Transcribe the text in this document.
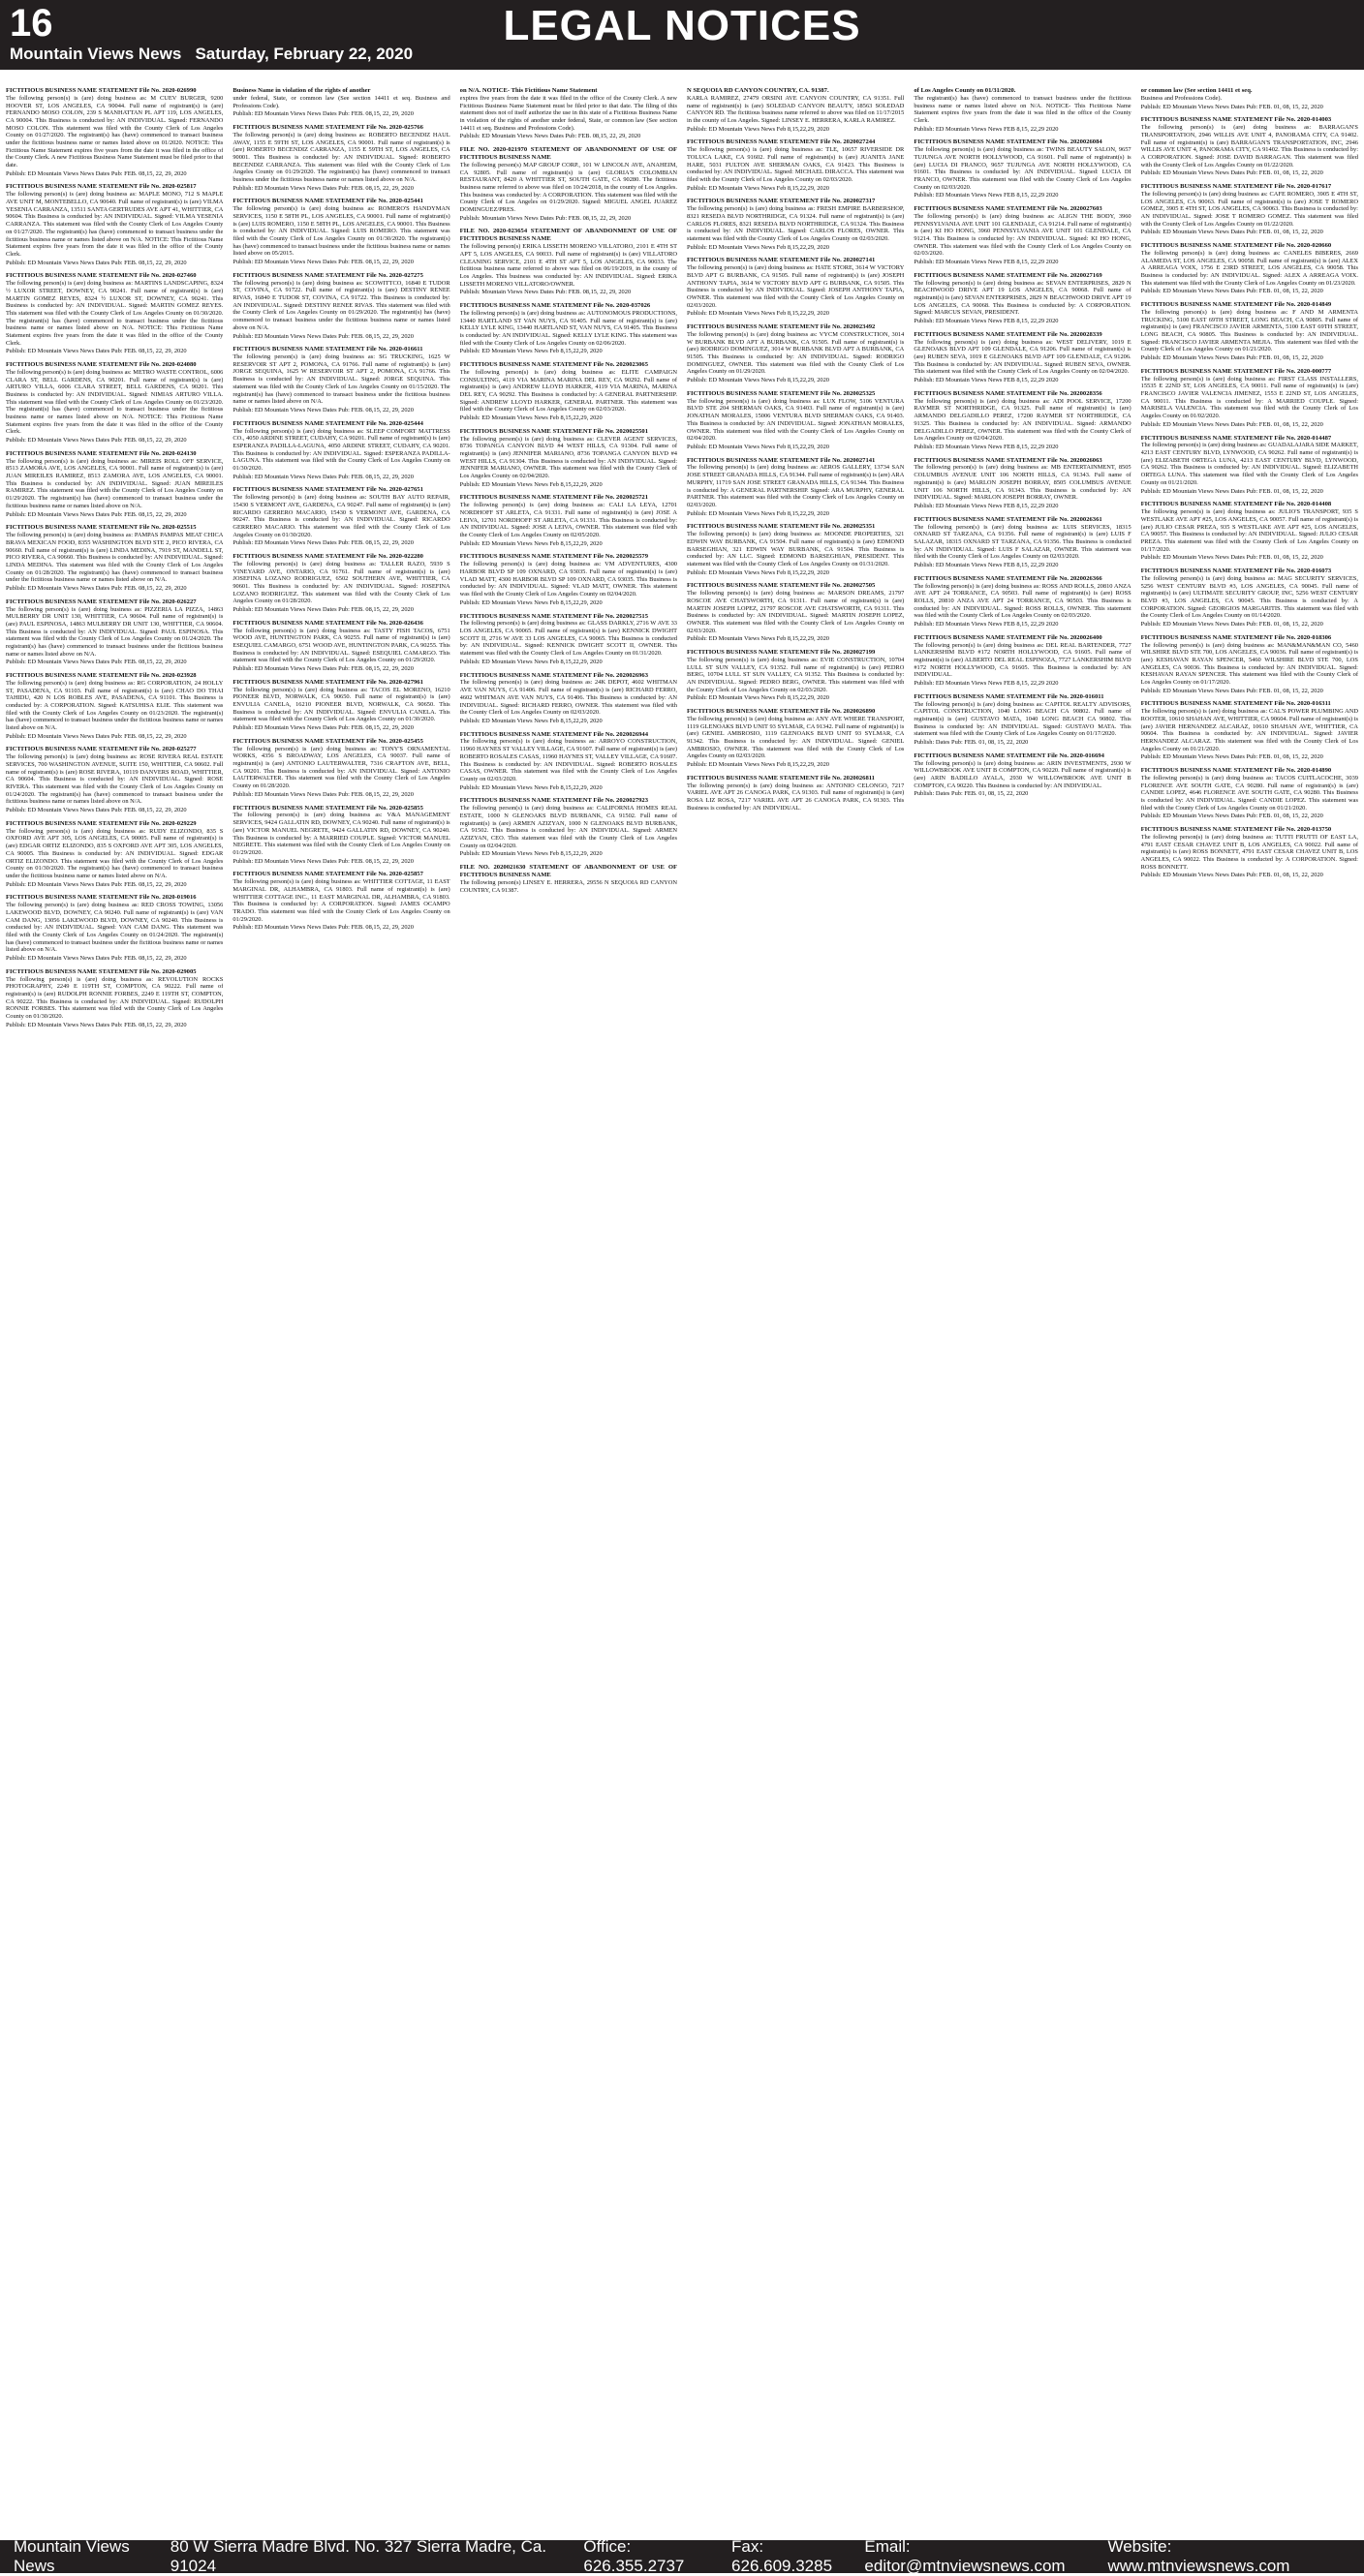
16	LEGAL NOTICES
Mountain Views News Saturday, February 22, 2020
FICTITIOUS BUSINESS NAME STATEMENT File No. 2020-026990
The following person(s) is (are) doing business as: M CUEV BURGER, 9200 HOOVER ST, LOS ANGELES, CA 90044. Full name of registrant(s) is (are) FERNANDO MOSO COLON, 239 S MANHATTAN PL APT 119, LOS ANGELES, CA 90004. This Business is conducted by: AN INDIVIDUAL. Signed: FERNANDO MOSO COLON. This statement was filed with the County Clerk of Los Angeles County on 01/27/2020. The registrant(s) has (have) commenced to transact business under the fictitious business name or names listed above on 01/2020. NOTICE: This Fictitious Name Statement expires five years from the date it was filed in the office of the County Clerk. A new Fictitious Business Name Statement must be filed prior to that date.
Publish: ED Mountain Views News Dates Pub: FEB. 08,15, 22, 29, 2020
FICTITIOUS BUSINESS NAME STATEMENT File No. 2020-025817
The following person(s) is (are) doing business as: MAPLE MONO, 712 S MAPLE AVE UNIT M, MONTEBELLO, CA 90640. Full name of registrant(s) is (are) VILMA YESENIA CARRANZA, 13511 SANTA GERTRUDES AVE APT 41, WHITTIER, CA 90604. This Business is conducted by: AN INDIVIDUAL. Signed: VILMA YESENIA CARRANZA. This statement was filed with the County Clerk of Los Angeles County on 01/27/2020. The registrant(s) has (have) commenced to transact business under the fictitious business name or names listed above on N/A. NOTICE: This Fictitious Name Statement expires five years from the date it was filed in the office of the County Clerk.
Publish: ED Mountain Views News Dates Pub: FEB. 08,15, 22, 29, 2020
FICTITIOUS BUSINESS NAME STATEMENT File No. 2020-027460
The following person(s) is (are) doing business as: MARTINS LANDSCAPING, 8324 ½ LUXOR STREET, DOWNEY, CA 90241. Full name of registrant(s) is (are) MARTIN GOMEZ REYES, 8324 ½ LUXOR ST, DOWNEY, CA 90241. This Business is conducted by: AN INDIVIDUAL. Signed: MARTIN GOMEZ REYES. This statement was filed with the County Clerk of Los Angeles County on 01/30/2020. The registrant(s) has (have) commenced to transact business under the fictitious business name or names listed above on N/A. NOTICE: This Fictitious Name Statement expires five years from the date it was filed in the office of the County Clerk.
Publish: ED Mountain Views News Dates Pub: FEB. 08,15, 22, 29, 2020
FICTITIOUS BUSINESS NAME STATEMENT File No. 2020-024080
The following person(s) is (are) doing business as: METRO WASTE CONTROL, 6006 CLARA ST, BELL GARDENS, CA 90201. Full name of registrant(s) is (are) ARTURO VILLA, 6006 CLARA STREET, BELL GARDENS, CA 90201. This Business is conducted by: AN INDIVIDUAL. Signed: NIMIAS ARTURO VILLA. This statement was filed with the County Clerk of Los Angeles County on 01/23/2020. The registrant(s) has (have) commenced to transact business under the fictitious business name or names listed above on N/A. NOTICE: This Fictitious Name Statement expires five years from the date it was filed in the office of the County Clerk.
Publish: ED Mountain Views News Dates Pub: FEB. 08,15, 22, 29, 2020
FICTITIOUS BUSINESS NAME STATEMENT File No. 2020-024130
The following person(s) is (are) doing business as: MIREIS ROLL OFF SERVICE, 8513 ZAMORA AVE, LOS ANGELES, CA 90001. Full name of registrant(s) is (are) JUAN MIREILES RAMIREZ, 8513 ZAMORA AVE, LOS ANGELES, CA 90001. This Business is conducted by: AN INDIVIDUAL. Signed: JUAN MIREILES RAMIREZ. This statement was filed with the County Clerk of Los Angeles County on 01/29/2020. The registrant(s) has (have) commenced to transact business under the fictitious business name or names listed above on N/A.
Publish: ED Mountain Views News Dates Pub: FEB. 08,15, 22, 29, 2020
FICTITIOUS BUSINESS NAME STATEMENT File No. 2020-025515
The following person(s) is (are) doing business as: PAMPAS PAMPAS MEAT CHICA BRAVA MEXICAN FOOD, 8355 WASHINGTON BLVD STE 2, PICO RIVERA, CA 90660. Full name of registrant(s) is (are) LINDA MEDINA, 7919 ST, MANDELL ST, PICO RIVERA, CA 90660. This Business is conducted by: AN INDIVIDUAL. Signed: LINDA MEDINA. This statement was filed with the County Clerk of Los Angeles County on 01/28/2020. The registrant(s) has (have) commenced to transact business under the fictitious business name or names listed above on N/A.
Publish: ED Mountain Views News Dates Pub: FEB. 08,15, 22, 29, 2020
FICTITIOUS BUSINESS NAME STATEMENT File No. 2020-026227
The following person(s) is (are) doing business as: PIZZERIA LA PIZZA, 14863 MULBERRY DR UNIT 130, WHITTIER, CA 90604. Full name of registrant(s) is (are) PAUL ESPINOSA, 14863 MULBERRY DR UNIT 130, WHITTIER, CA 90604. This Business is conducted by: AN INDIVIDUAL. Signed: PAUL ESPINOSA. This statement was filed with the County Clerk of Los Angeles County on 01/24/2020. The registrant(s) has (have) commenced to transact business under the fictitious business name or names listed above on N/A.
Publish: ED Mountain Views News Dates Pub: FEB. 08,15, 22, 29, 2020
FICTITIOUS BUSINESS NAME STATEMENT File No. 2020-023928
The following person(s) is (are) doing business as: RG CORPORATION, 24 HOLLY ST, PASADENA, CA 91103. Full name of registrant(s) is (are) CHAO DO THAI TAHIDU, 420 N LOS ROBLES AVE, PASADENA, CA 91101. This Business is conducted by: A CORPORATION. Signed: KATSUHISA ELIE. This statement was filed with the County Clerk of Los Angeles County on 01/23/2020. The registrant(s) has (have) commenced to transact business under the fictitious business name or names listed above on N/A.
Publish: ED Mountain Views News Dates Pub: FEB. 08,15, 22, 29, 2020
FICTITIOUS BUSINESS NAME STATEMENT File No. 2020-025277
The following person(s) is (are) doing business as: ROSE RIVERA REAL ESTATE SERVICES, 700 WASHINGTON AVENUE, SUITE 150, WHITTIER, CA 90602. Full name of registrant(s) is (are) ROSE RIVERA, 10119 DANVERS ROAD, WHITTIER, CA 90604. This Business is conducted by: AN INDIVIDUAL. Signed: ROSE RIVERA. This statement was filed with the County Clerk of Los Angeles County on 01/24/2020. The registrant(s) has (have) commenced to transact business under the fictitious business name or names listed above on N/A.
Publish: ED Mountain Views News Dates Pub: FEB. 08,15, 22, 29, 2020
FICTITIOUS BUSINESS NAME STATEMENT File No. 2020-029229
The following person(s) is (are) doing business as: RUDY ELIZONDO, 835 S OXFORD AVE APT 305, LOS ANGELES, CA 90005. Full name of registrant(s) is (are) EDGAR ORTIZ ELIZONDO, 835 S OXFORD AVE APT 305, LOS ANGELES, CA 90005. This Business is conducted by: AN INDIVIDUAL. Signed: EDGAR ORTIZ ELIZONDO. This statement was filed with the County Clerk of Los Angeles County on 01/30/2020. The registrant(s) has (have) commenced to transact business under the fictitious business name or names listed above on N/A.
Publish: ED Mountain Views News Dates Pub: FEB. 08,15, 22, 29, 2020
FICTITIOUS BUSINESS NAME STATEMENT File No. 2020-019016
The following person(s) is (are) doing business as: RED CROSS TOWING, 13056 LAKEWOOD BLVD, DOWNEY, CA 90240. Full name of registrant(s) is (are) VAN CAM DANG, 13056 LAKEWOOD BLVD, DOWNEY, CA 90240. This Business is conducted by: AN INDIVIDUAL. Signed: VAN CAM DANG. This statement was filed with the County Clerk of Los Angeles County on 01/24/2020. The registrant(s) has (have) commenced to transact business under the fictitious business name or names listed above on N/A.
Publish: ED Mountain Views News Dates Pub: FEB. 08,15, 22, 29, 2020
FICTITIOUS BUSINESS NAME STATEMENT File No. 2020-029005
The following person(s) is (are) doing business as: REVOLUTION ROCKS PHOTOGRAPHY, 2249 E 119TH ST, COMPTON, CA 90222. Full name of registrant(s) is (are) RUDOLPH RONNIE FORBES, 2249 E 119TH ST, COMPTON, CA 90222. This Business is conducted by: AN INDIVIDUAL. Signed: RUDOLPH RONNIE FORBES. This statement was filed with the County Clerk of Los Angeles County on 01/30/2020.
Publish: ED Mountain Views News Dates Pub: FEB. 08,15, 22, 29, 2020
Business Name in violation of the rights of another
under federal, State, or common law (See section 14411 et seq. Business and Professions Code).
Publish: ED Mountain Views News Dates Pub: FEB. 08,15, 22, 29, 2020
FICTITIOUS BUSINESS NAME STATEMENT File No. 2020-025766
The following person(s) is (are) doing business as: ROBERTO BECENDIZ HAUL AWAY, 1155 E 59TH ST, LOS ANGELES, CA 90001. Full name of registrant(s) is (are) ROBERTO BECENDIZ CARRANZA, 1155 E 59TH ST, LOS ANGELES, CA 90001. This Business is conducted by: AN INDIVIDUAL. Signed: ROBERTO BECENDIZ CARRANZA. This statement was filed with the County Clerk of Los Angeles County on 01/29/2020. The registrant(s) has (have) commenced to transact business under the fictitious business name or names listed above on N/A.
Publish: ED Mountain Views News Dates Pub: FEB. 08,15, 22, 29, 2020
FICTITIOUS BUSINESS NAME STATEMENT File No. 2020-025441
The following person(s) is (are) doing business as: ROMERO'S HANDYMAN SERVICES, 1150 E 58TH PL, LOS ANGELES, CA 90001. Full name of registrant(s) is (are) LUIS ROMERO, 1150 E 58TH PL, LOS ANGELES, CA 90001. This Business is conducted by: AN INDIVIDUAL. Signed: LUIS ROMERO. This statement was filed with the County Clerk of Los Angeles County on 01/30/2020. The registrant(s) has (have) commenced to transact business under the fictitious business name or names listed above on 05/2015.
Publish: ED Mountain Views News Dates Pub: FEB. 08,15, 22, 29, 2020
FICTITIOUS BUSINESS NAME STATEMENT File No. 2020-027275
The following person(s) is (are) doing business as: SCOWITTCO, 16840 E TUDOR ST, COVINA, CA 91722. Full name of registrant(s) is (are) DESTINY RENEE RIVAS, 16840 E TUDOR ST, COVINA, CA 91722. This Business is conducted by: AN INDIVIDUAL. Signed: DESTINY RENEE RIVAS. This statement was filed with the County Clerk of Los Angeles County on 01/29/2020. The registrant(s) has (have) commenced to transact business under the fictitious business name or names listed above on N/A.
Publish: ED Mountain Views News Dates Pub: FEB. 08,15, 22, 29, 2020
FICTITIOUS BUSINESS NAME STATEMENT File No. 2020-016611
The following person(s) is (are) doing business as: SG TRUCKING, 1625 W RESERVOIR ST APT 2, POMONA, CA 91766. Full name of registrant(s) is (are) JORGE SEQUINA, 1625 W RESERVOIR ST APT 2, POMONA, CA 91766. This Business is conducted by: AN INDIVIDUAL. Signed: JORGE SEQUINA. This statement was filed with the County Clerk of Los Angeles County on 01/15/2020. The registrant(s) has (have) commenced to transact business under the fictitious business name or names listed above on N/A.
Publish: ED Mountain Views News Dates Pub: FEB. 08,15, 22, 29, 2020
FICTITIOUS BUSINESS NAME STATEMENT File No. 2020-025444
The following person(s) is (are) doing business as: SLEEP COMFORT MATTRESS CO., 4050 ARDINE STREET, CUDAHY, CA 90201. Full name of registrant(s) is (are) ESPERANZA PADILLA-LAGUNA, 4050 ARDINE STREET, CUDAHY, CA 90201. This Business is conducted by: AN INDIVIDUAL. Signed: ESPERANZA PADILLA-LAGUNA. This statement was filed with the County Clerk of Los Angeles County on 01/30/2020.
Publish: ED Mountain Views News Dates Pub: FEB. 08,15, 22, 29, 2020
FICTITIOUS BUSINESS NAME STATEMENT File No. 2020-027651
The following person(s) is (are) doing business as: SOUTH BAY AUTO REPAIR, 15430 S VERMONT AVE, GARDENA, CA 90247. Full name of registrant(s) is (are) RICARDO GERRERO MACARIO, 15430 S VERMONT AVE, GARDENA, CA 90247. This Business is conducted by: AN INDIVIDUAL. Signed: RICARDO GERRERO MACARIO. This statement was filed with the County Clerk of Los Angeles County on 01/30/2020.
Publish: ED Mountain Views News Dates Pub: FEB. 08,15, 22, 29, 2020
FICTITIOUS BUSINESS NAME STATEMENT File No. 2020-022280
The following person(s) is (are) doing business as: TALLER RAZO, 5939 S VINEYARD AVE, ONTARIO, CA 91761. Full name of registrant(s) is (are) JOSEFINA LOZANO RODRIGUEZ, 6502 SOUTHERN AVE, WHITTIER, CA 90601. This Business is conducted by: AN INDIVIDUAL. Signed: JOSEFINA LOZANO RODRIGUEZ. This statement was filed with the County Clerk of Los Angeles County on 01/28/2020.
Publish: ED Mountain Views News Dates Pub: FEB. 08,15, 22, 29, 2020
FICTITIOUS BUSINESS NAME STATEMENT File No. 2020-026436
The following person(s) is (are) doing business as: TASTY FISH TACOS, 6751 WOOD AVE, HUNTINGTON PARK, CA 90255. Full name of registrant(s) is (are) ESEQUIEL CAMARGO, 6751 WOOD AVE, HUNTINGTON PARK, CA 90255. This Business is conducted by: AN INDIVIDUAL. Signed: ESEQUIEL CAMARGO. This statement was filed with the County Clerk of Los Angeles County on 01/29/2020.
Publish: ED Mountain Views News Dates Pub: FEB. 08,15, 22, 29, 2020
FICTITIOUS BUSINESS NAME STATEMENT File No. 2020-027961
The following person(s) is (are) doing business as: TACOS EL MORENO, 16210 PIONEER BLVD, NORWALK, CA 90650. Full name of registrant(s) is (are) ENVULIA CANELA, 16210 PIONEER BLVD, NORWALK, CA 90650. This Business is conducted by: AN INDIVIDUAL. Signed: ENVULIA CANELA. This statement was filed with the County Clerk of Los Angeles County on 01/30/2020.
Publish: ED Mountain Views News Dates Pub: FEB. 08,15, 22, 29, 2020
FICTITIOUS BUSINESS NAME STATEMENT File No. 2020-025455
The following person(s) is (are) doing business as: TONY'S ORNAMENTAL WORKS, 4356 S BROADWAY, LOS ANGELES, CA 90037. Full name of registrant(s) is (are) ANTONIO LAUTERWALTER, 7316 CRAFTON AVE, BELL, CA 90201. This Business is conducted by: AN INDIVIDUAL. Signed: ANTONIO LAUTERWALTER. This statement was filed with the County Clerk of Los Angeles County on 01/28/2020.
Publish: ED Mountain Views News Dates Pub: FEB. 08,15, 22, 29, 2020
FICTITIOUS BUSINESS NAME STATEMENT File No. 2020-025855
The following person(s) is (are) doing business as: V&A MANAGEMENT SERVICES, 9424 GALLATIN RD, DOWNEY, CA 90240. Full name of registrant(s) is (are) VICTOR MANUEL NEGRETE, 9424 GALLATIN RD, DOWNEY, CA 90240. This Business is conducted by: A MARRIED COUPLE. Signed: VICTOR MANUEL NEGRETE. This statement was filed with the County Clerk of Los Angeles County on 01/29/2020.
Publish: ED Mountain Views News Dates Pub: FEB. 08,15, 22, 29, 2020
FICTITIOUS BUSINESS NAME STATEMENT File No. 2020-025857
The following person(s) is (are) doing business as: WHITTIER COTTAGE, 11 EAST MARGINAL DR, ALHAMBRA, CA 91803. Full name of registrant(s) is (are) WHITTIER COTTAGE INC., 11 EAST MARGINAL DR, ALHAMBRA, CA 91803. This Business is conducted by: A CORPORATION. Signed: JAMES OCAMPO TRADO. This statement was filed with the County Clerk of Los Angeles County on 01/29/2020.
Publish: ED Mountain Views News Dates Pub: FEB. 08,15, 22, 29, 2020
on N/A. NOTICE- This Fictitious Name Statement
expires five years from the date it was filed in the office of the County Clerk. A new Fictitious Business Name Statement must be filed prior to that date. The filing of this statement does not of itself authorize the use in this state of a Fictitious Business Name in violation of the rights of another under federal, State, or common law (See section 14411 et seq. Business and Professions Code).
Publish: ED Mountain Views News Dates Pub: FEB. 08,15, 22, 29, 2020
FILE NO. 2020-021970 STATEMENT OF ABANDONMENT OF USE OF FICTITIOUS BUSINESS NAME
The following person(s) MAP GROUP CORP., 101 W LINCOLN AVE, ANAHEIM, CA 92805. Full name of registrant(s) is (are) GLORIA'S COLOMBIAN RESTAURANT, 8420 A WHITTIER ST, SOUTH GATE, CA 90280. The fictitious business name referred to above was filed on 10/24/2018, in the county of Los Angeles. This business was conducted by: A CORPORATION. This statement was filed with the County Clerk of Los Angeles on 01/29/2020. Signed: MIGUEL ANGEL JUAREZ DOMINGUEZ/PRES.
Publish: Mountain Views News Dates Pub: FEB. 08,15, 22, 29, 2020
FILE NO. 2020-023654 STATEMENT OF ABANDONMENT OF USE OF FICTITIOUS BUSINESS NAME
The following person(s) ERIKA LISSETH MORENO VILLATORO, 2101 E 4TH ST APT 5, LOS ANGELES, CA 90033. Full name of registrant(s) is (are) VILLATORO CLEANING SERVICE, 2101 E 4TH ST APT 5, LOS ANGELES, CA 90033. The fictitious business name referred to above was filed on 06/19/2019, in the county of Los Angeles. This business was conducted by: AN INDIVIDUAL. Signed: ERIKA LISSETH MORENO VILLATORO/OWNER.
Publish: Mountain Views News Dates Pub: FEB. 08,15, 22, 29, 2020
FICTITIOUS BUSINESS NAME STATEMENT File No. 2020-037026
The following person(s) is (are) doing business as: AUTONOMOUS PRODUCTIONS, 13440 HARTLAND ST VAN NUYS, CA 91405. Full name of registrant(s) is (are) KELLY LYLE KING, 13440 HARTLAND ST, VAN NUYS, CA 91405. This Business is conducted by: AN INDIVIDUAL. Signed: KELLY LYLE KING. This statement was filed with the County Clerk of Los Angeles County on 02/06/2020.
Publish: ED Mountain Views News Feb 8,15,22,29, 2020
FICTITIOUS BUSINESS NAME STATEMENT File No. 2020023065
The following person(s) is (are) doing business as: ELITE CAMPAIGN CONSULTING, 4119 VIA MARINA MARINA DEL REY, CA 90292. Full name of registrant(s) is (are) ANDREW LLOYD HARKER, 4119 VIA MARINA, MARINA DEL REY, CA 90292. This Business is conducted by: A GENERAL PARTNERSHIP. Signed: ANDREW LLOYD HARKER, GENERAL PARTNER. This statement was filed with the County Clerk of Los Angeles County on 02/03/2020.
Publish: ED Mountain Views News Feb 8,15,22,29, 2020
FICTITIOUS BUSINESS NAME STATEMENT File No. 2020025501
The following person(s) is (are) doing business as: CLEVER AGENT SERVICES, 8736 TOPANGA CANYON BLVD #4 WEST HILLS, CA 91304. Full name of registrant(s) is (are) JENNIFER MARIANO, 8736 TOPANGA CANYON BLVD #4 WEST HILLS, CA 91304. This Business is conducted by: AN INDIVIDUAL. Signed: JENNIFER MARIANO, OWNER. This statement was filed with the County Clerk of Los Angeles County on 02/04/2020.
Publish: ED Mountain Views News Feb 8,15,22,29, 2020
FICTITIOUS BUSINESS NAME STATEMENT File No. 2020025721
The following person(s) is (are) doing business as: CALI LA LEYA, 12701 NORDHOFF ST ARLETA, CA 91331. Full name of registrant(s) is (are) JOSE A LEIVA, 12701 NORDHOFF ST ARLETA, CA 91331. This Business is conducted by: AN INDIVIDUAL. Signed: JOSE A LEIVA, OWNER. This statement was filed with the County Clerk of Los Angeles County on 02/05/2020.
Publish: ED Mountain Views News Feb 8,15,22,29, 2020
FICTITIOUS BUSINESS NAME STATEMENT File No. 2020025579
The following person(s) is (are) doing business as: VM ADVENTURES, 4300 HARBOR BLVD SP 109 OXNARD, CA 93035. Full name of registrant(s) is (are) VLAD MATT, 4300 HARBOR BLVD SP 109 OXNARD, CA 93035. This Business is conducted by: AN INDIVIDUAL. Signed: VLAD MATT, OWNER. This statement was filed with the County Clerk of Los Angeles County on 02/04/2020.
Publish: ED Mountain Views News Feb 8,15,22,29, 2020
FICTITIOUS BUSINESS NAME STATEMENT File No. 2020027515
The following person(s) is (are) doing business as: GLASS DARKLY, 2716 W AVE 33 LOS ANGELES, CA 90065. Full name of registrant(s) is (are) KENNICK DWIGHT SCOTT II, 2716 W AVE 33 LOS ANGELES, CA 90065. This Business is conducted by: AN INDIVIDUAL. Signed: KENNICK DWIGHT SCOTT II, OWNER. This statement was filed with the County Clerk of Los Angeles County on 01/31/2020.
Publish: ED Mountain Views News Feb 8,15,22,29, 2020
FICTITIOUS BUSINESS NAME STATEMENT File No. 2020026963
The following person(s) is (are) doing business as: 24K DEPOT, 4602 WHITMAN AVE VAN NUYS, CA 91406. Full name of registrant(s) is (are) RICHARD FERRO, 4602 WHITMAN AVE VAN NUYS, CA 91406. This Business is conducted by: AN INDIVIDUAL. Signed: RICHARD FERRO, OWNER. This statement was filed with the County Clerk of Los Angeles County on 02/03/2020.
Publish: ED Mountain Views News Feb 8,15,22,29, 2020
FICTITIOUS BUSINESS NAME STATEMENT File No. 2020026944
The following person(s) is (are) doing business as: ARROYO CONSTRUCTION, 11960 HAYNES ST VALLEY VILLAGE, CA 91607. Full name of registrant(s) is (are) ROBERTO ROSALES CASAS, 11960 HAYNES ST, VALLEY VILLAGE, CA 91607. This Business is conducted by: AN INDIVIDUAL. Signed: ROBERTO ROSALES CASAS, OWNER. This statement was filed with the County Clerk of Los Angeles County on 02/03/2020.
Publish: ED Mountain Views News Feb 8,15,22,29, 2020
FICTITIOUS BUSINESS NAME STATEMENT File No. 2020027923
The following person(s) is (are) doing business as: CALIFORNIA HOMES REAL ESTATE, 1000 N GLENOAKS BLVD BURBANK, CA 91502. Full name of registrant(s) is (are) ARMEN AZIZYAN, 1000 N GLENOAKS BLVD BURBANK, CA 91502. This Business is conducted by: AN INDIVIDUAL. Signed: ARMEN AZIZYAN, CEO. This statement was filed with the County Clerk of Los Angeles County on 02/04/2020.
Publish: ED Mountain Views News Feb 8,15,22,29, 2020
FILE NO. 2020021630 STATEMENT OF ABANDONMENT OF USE OF FICTITIOUS BUSINESS NAME
The following person(s) LINSEY E. HERRERA, 29556 N SEQUOIA RD CANYON COUNTRY, CA 91387.
N SEQUOIA RD CANYON COUNTRY, CA. 91387.
KARLA RAMIREZ, 27479 ORSINI AVE CANYON COUNTRY, CA 91351. Full name of registrant(s) is (are) SOLEDAD CANYON BEAUTY, 18563 SOLEDAD CANYON RD. The fictitious business name referred to above was filed on 11/17/2015 in the county of Los Angeles. Signed: LINSEY E. HERRERA, KARLA RAMIREZ.
Publish: ED Mountain Views News Feb 8,15,22,29, 2020
FICTITIOUS BUSINESS NAME STATEMENT File No. 2020027244
The following person(s) is (are) doing business as: TLE, 10657 RIVERSIDE DR TOLUCA LAKE, CA 91602. Full name of registrant(s) is (are) JUANITA JANE HARE, 5031 FULTON AVE SHERMAN OAKS, CA 91423. This Business is conducted by: AN INDIVIDUAL. Signed: MICHAEL DIRACCA. This statement was filed with the County Clerk of Los Angeles County on 02/03/2020.
Publish: ED Mountain Views News Feb 8,15,22,29, 2020
FICTITIOUS BUSINESS NAME STATEMENT File No. 2020027317
The following person(s) is (are) doing business as: FRESH EMPIRE BARBERSHOP, 8321 RESEDA BLVD NORTHRIDGE, CA 91324. Full name of registrant(s) is (are) CARLOS FLORES, 8321 RESEDA BLVD NORTHRIDGE, CA 91324. This Business is conducted by: AN INDIVIDUAL. Signed: CARLOS FLORES, OWNER. This statement was filed with the County Clerk of Los Angeles County on 02/03/2020.
Publish: ED Mountain Views News Feb 8,15,22,29, 2020
FICTITIOUS BUSINESS NAME STATEMENT File No. 2020027141
The following person(s) is (are) doing business as: HATE STORE, 3614 W VICTORY BLVD APT G BURBANK, CA 91505. Full name of registrant(s) is (are) JOSEPH ANTHONY TAPIA, 3614 W VICTORY BLVD APT G BURBANK, CA 91505. This Business is conducted by: AN INDIVIDUAL. Signed: JOSEPH ANTHONY TAPIA, OWNER. This statement was filed with the County Clerk of Los Angeles County on 02/03/2020.
Publish: ED Mountain Views News Feb 8,15,22,29, 2020
FICTITIOUS BUSINESS NAME STATEMENT File No. 2020023492
The following person(s) is (are) doing business as: VYCM CONSTRUCTION, 3014 W BURBANK BLVD APT A BURBANK, CA 91505. Full name of registrant(s) is (are) RODRIGO DOMINGUEZ, 3014 W BURBANK BLVD APT A BURBANK, CA 91505. This Business is conducted by: AN INDIVIDUAL. Signed: RODRIGO DOMINGUEZ, OWNER. This statement was filed with the County Clerk of Los Angeles County on 01/29/2020.
Publish: ED Mountain Views News Feb 8,15,22,29, 2020
FICTITIOUS BUSINESS NAME STATEMENT File No. 2020025325
The following person(s) is (are) doing business as: LUX FLOW, 5106 VENTURA BLVD STE 204 SHERMAN OAKS, CA 91403. Full name of registrant(s) is (are) JONATHAN MORALES, 15006 VENTURA BLVD SHERMAN OAKS, CA 91403. This Business is conducted by: AN INDIVIDUAL. Signed: JONATHAN MORALES, OWNER. This statement was filed with the County Clerk of Los Angeles County on 02/04/2020.
Publish: ED Mountain Views News Feb 8,15,22,29, 2020
FICTITIOUS BUSINESS NAME STATEMENT File No. 2020027141
The following person(s) is (are) doing business as: AEROS GALLERY, 13734 SAN JOSE STREET GRANADA HILLS, CA 91344. Full name of registrant(s) is (are) ARA MURPHY, 11719 SAN JOSE STREET GRANADA HILLS, CA 91344. This Business is conducted by: A GENERAL PARTNERSHIP. Signed: ARA MURPHY, GENERAL PARTNER. This statement was filed with the County Clerk of Los Angeles County on 02/03/2020.
Publish: ED Mountain Views News Feb 8,15,22,29, 2020
FICTITIOUS BUSINESS NAME STATEMENT File No. 2020025351
The following person(s) is (are) doing business as: MOONDE PROPERTIES, 321 EDWIN WAY BURBANK, CA 91504. Full name of registrant(s) is (are) EDMOND BARSEGHIAN, 321 EDWIN WAY BURBANK, CA 91504. This Business is conducted by: AN LLC. Signed: EDMOND BARSEGHIAN, PRESIDENT. This statement was filed with the County Clerk of Los Angeles County on 01/31/2020.
Publish: ED Mountain Views News Feb 8,15,22,29, 2020
FICTITIOUS BUSINESS NAME STATEMENT File No. 2020027505
The following person(s) is (are) doing business as: MARSON DREAMS, 21797 ROSCOE AVE CHATSWORTH, CA 91311. Full name of registrant(s) is (are) MARTIN JOSEPH LOPEZ, 21797 ROSCOE AVE CHATSWORTH, CA 91311. This Business is conducted by: AN INDIVIDUAL. Signed: MARTIN JOSEPH LOPEZ, OWNER. This statement was filed with the County Clerk of Los Angeles County on 02/03/2020.
Publish: ED Mountain Views News Feb 8,15,22,29, 2020
FICTITIOUS BUSINESS NAME STATEMENT File No. 2020027199
The following person(s) is (are) doing business as: EVIE CONSTRUCTION, 10704 LULL ST SUN VALLEY, CA 91352. Full name of registrant(s) is (are) PEDRO BERG, 10704 LULL ST SUN VALLEY, CA 91352. This Business is conducted by: AN INDIVIDUAL. Signed: PEDRO BERG, OWNER. This statement was filed with the County Clerk of Los Angeles County on 02/03/2020.
Publish: ED Mountain Views News Feb 8,15,22,29, 2020
FICTITIOUS BUSINESS NAME STATEMENT File No. 2020026890
The following person(s) is (are) doing business as: ANY AVE WHERE TRANSPORT, 1119 GLENOAKS BLVD UNIT 93 SYLMAR, CA 91342. Full name of registrant(s) is (are) GENIEL AMBROSIO, 1119 GLENOAKS BLVD UNIT 93 SYLMAR, CA 91342. This Business is conducted by: AN INDIVIDUAL. Signed: GENIEL AMBROSIO, OWNER. This statement was filed with the County Clerk of Los Angeles County on 02/03/2020.
Publish: ED Mountain Views News Feb 8,15,22,29, 2020
FICTITIOUS BUSINESS NAME STATEMENT File No. 2020026811
The following person(s) is (are) doing business as: ANTONIO CELONGO, 7217 VARIEL AVE APT 26 CANOGA PARK, CA 91303. Full name of registrant(s) is (are) ROSA LIZ ROSA, 7217 VARIEL AVE APT 26 CANOGA PARK, CA 91303. This Business is conducted by: AN INDIVIDUAL.
of Los Angeles County on 01/31/2020.
The registrant(s) has (have) commenced to transact business under the fictitious business name or names listed above on N/A. NOTICE- This Fictitious Name Statement expires five years from the date it was filed in the office of the County Clerk.
Publish: ED Mountain Views News FEB 8,15, 22,29 2020
FICTITIOUS BUSINESS NAME STATEMENT File No. 2020026084
The following person(s) is (are) doing business as: TWINS BEAUTY SALON, 9657 TUJUNGA AVE NORTH HOLLYWOOD, CA 91601. Full name of registrant(s) is (are) LUCIA DI FRANCO, 9657 TUJUNGA AVE NORTH HOLLYWOOD, CA 91601. This Business is conducted by: AN INDIVIDUAL. Signed: LUCIA DI FRANCO, OWNER. This statement was filed with the County Clerk of Los Angeles County on 02/03/2020.
Publish: ED Mountain Views News FEB 8,15, 22,29 2020
FICTITIOUS BUSINESS NAME STATEMENT File No. 2020027603
The following person(s) is (are) doing business as: ALIGN THE BODY, 3960 PENNSYLVANIA AVE UNIT 101 GLENDALE, CA 91214. Full name of registrant(s) is (are) KI HO HONG, 3960 PENNSYLVANIA AVE UNIT 101 GLENDALE, CA 91214. This Business is conducted by: AN INDIVIDUAL. Signed: KI HO HONG, OWNER. This statement was filed with the County Clerk of Los Angeles County on 02/03/2020.
Publish: ED Mountain Views News FEB 8,15, 22,29 2020
FICTITIOUS BUSINESS NAME STATEMENT File No. 2020027169
The following person(s) is (are) doing business as: SEVAN ENTERPRISES, 2829 N BEACHWOOD DRIVE APT 19 LOS ANGELES, CA 90068. Full name of registrant(s) is (are) SEVAN ENTERPRISES, 2829 N BEACHWOOD DRIVE APT 19 LOS ANGELES, CA 90068. This Business is conducted by: A CORPORATION. Signed: MARCUS SEVAN, PRESIDENT.
Publish: ED Mountain Views News FEB 8,15, 22,29 2020
FICTITIOUS BUSINESS NAME STATEMENT File No. 2020028339
The following person(s) is (are) doing business as: WEST DELIVERY, 1019 E GLENOAKS BLVD APT 109 GLENDALE, CA 91206. Full name of registrant(s) is (are) RUBEN SEVA, 1019 E GLENOAKS BLVD APT 109 GLENDALE, CA 91206. This Business is conducted by: AN INDIVIDUAL. Signed: RUBEN SEVA, OWNER. This statement was filed with the County Clerk of Los Angeles County on 02/04/2020.
Publish: ED Mountain Views News FEB 8,15, 22,29 2020
FICTITIOUS BUSINESS NAME STATEMENT File No. 2020028356
The following person(s) is (are) doing business as: ADI POOL SERVICE, 17200 RAYMER ST NORTHRIDGE, CA 91325. Full name of registrant(s) is (are) ARMANDO DELGADILLO PEREZ, 17200 RAYMER ST NORTHRIDGE, CA 91325. This Business is conducted by: AN INDIVIDUAL. Signed: ARMANDO DELGADILLO PEREZ, OWNER. This statement was filed with the County Clerk of Los Angeles County on 02/04/2020.
Publish: ED Mountain Views News FEB 8,15, 22,29 2020
FICTITIOUS BUSINESS NAME STATEMENT File No. 2020026063
The following person(s) is (are) doing business as: MB ENTERTAINMENT, 8505 COLUMBUS AVENUE UNIT 106 NORTH HILLS, CA 91343. Full name of registrant(s) is (are) MARLON JOSEPH BORRAY, 8505 COLUMBUS AVENUE UNIT 106 NORTH HILLS, CA 91343. This Business is conducted by: AN INDIVIDUAL. Signed: MARLON JOSEPH BORRAY, OWNER.
Publish: ED Mountain Views News FEB 8,15, 22,29 2020
FICTITIOUS BUSINESS NAME STATEMENT File No. 2020026361
The following person(s) is (are) doing business as: LUIS SERVICES, 18315 OXNARD ST TARZANA, CA 91356. Full name of registrant(s) is (are) LUIS F SALAZAR, 18315 OXNARD ST TARZANA, CA 91356. This Business is conducted by: AN INDIVIDUAL. Signed: LUIS F SALAZAR, OWNER. This statement was filed with the County Clerk of Los Angeles County on 02/03/2020.
Publish: ED Mountain Views News FEB 8,15, 22,29 2020
FICTITIOUS BUSINESS NAME STATEMENT File No. 2020026366
The following person(s) is (are) doing business as: ROSS AND ROLLS, 20810 ANZA AVE APT 24 TORRANCE, CA 90503. Full name of registrant(s) is (are) ROSS ROLLS, 20810 ANZA AVE APT 24 TORRANCE, CA 90503. This Business is conducted by: AN INDIVIDUAL. Signed: ROSS ROLLS, OWNER. This statement was filed with the County Clerk of Los Angeles County on 02/03/2020.
Publish: ED Mountain Views News FEB 8,15, 22,29 2020
FICTITIOUS BUSINESS NAME STATEMENT File No. 2020026400
The following person(s) is (are) doing business as: DEL REAL BARTENDER, 7727 LANKERSHIM BLVD #172 NORTH HOLLYWOOD, CA 91605. Full name of registrant(s) is (are) ALBERTO DEL REAL ESPINOZA, 7727 LANKERSHIM BLVD #172 NORTH HOLLYWOOD, CA 91605. This Business is conducted by: AN INDIVIDUAL.
Publish: ED Mountain Views News FEB 8,15, 22,29 2020
FICTITIOUS BUSINESS NAME STATEMENT File No. 2020-016011
The following person(s) is (are) doing business as: CAPITOL REALTY ADVISORS, CAPITOL CONSTRUCTION, 1040 LONG BEACH CA 90802. Full name of registrant(s) is (are) GUSTAVO MATA, 1040 LONG BEACH CA 90802. This Business is conducted by: AN INDIVIDUAL. Signed: GUSTAVO MATA. This statement was filed with the County Clerk of Los Angeles County on 01/17/2020.
Publish: Dates Pub: FEB. 01, 08, 15, 22, 2020
FICTITIOUS BUSINESS NAME STATEMENT File No. 2020-016694
The following person(s) is (are) doing business as: ARIN INVESTMENTS, 2930 W WILLOWBROOK AVE UNIT B COMPTON, CA 90220. Full name of registrant(s) is (are) ARIN BADILLO AYALA, 2930 W WILLOWBROOK AVE UNIT B COMPTON, CA 90220. This Business is conducted by: AN INDIVIDUAL.
Publish: Dates Pub: FEB. 01, 08, 15, 22, 2020
or common law (See section 14411 et seq.
Business and Professions Code).
Publish: ED Mountain Views News Dates Pub: FEB. 01, 08, 15, 22, 2020
FICTITIOUS BUSINESS NAME STATEMENT File No. 2020-014003
The following person(s) is (are) doing business as: BARRAGAN'S TRANSPORTATION, 2946 WILLIS AVE UNIT 4, PANORAMA CITY, CA 91402. Full name of registrant(s) is (are) BARRAGAN'S TRANSPORTATION, INC, 2946 WILLIS AVE UNIT 4, PANORAMA CITY, CA 91402. This Business is conducted by: A CORPORATION. Signed: JOSE DAVID BARRAGAN. This statement was filed with the County Clerk of Los Angeles County on 01/22/2020.
Publish: ED Mountain Views News Dates Pub: FEB. 01, 08, 15, 22, 2020
FICTITIOUS BUSINESS NAME STATEMENT File No. 2020-017617
The following person(s) is (are) doing business as: CAFE ROMERO, 3905 E 4TH ST, LOS ANGELES, CA 90063. Full name of registrant(s) is (are) JOSE T ROMERO GOMEZ, 3905 E 4TH ST, LOS ANGELES, CA 90063. This Business is conducted by: AN INDIVIDUAL. Signed: JOSE T ROMERO GOMEZ. This statement was filed with the County Clerk of Los Angeles County on 01/22/2020.
Publish: ED Mountain Views News Dates Pub: FEB. 01, 08, 15, 22, 2020
FICTITIOUS BUSINESS NAME STATEMENT File No. 2020-020660
The following person(s) is (are) doing business as: CANELES BIBERES, 2669 ALAMEDA ST, LOS ANGELES, CA 90058. Full name of registrant(s) is (are) ALEX A ARREAGA VOIX, 1756 E 23RD STREET, LOS ANGELES, CA 90058. This Business is conducted by: AN INDIVIDUAL. Signed: ALEX A ARREAGA VOIX. This statement was filed with the County Clerk of Los Angeles County on 01/23/2020.
Publish: ED Mountain Views News Dates Pub: FEB. 01, 08, 15, 22, 2020
FICTITIOUS BUSINESS NAME STATEMENT File No. 2020-014849
The following person(s) is (are) doing business as: F AND M ARMENTA TRUCKING, 5100 EAST 69TH STREET, LONG BEACH, CA 90805. Full name of registrant(s) is (are) FRANCISCO JAVIER ARMENTA, 5100 EAST 69TH STREET, LONG BEACH, CA 90805. This Business is conducted by: AN INDIVIDUAL. Signed: FRANCISCO JAVIER ARMENTA MEJIA. This statement was filed with the County Clerk of Los Angeles County on 01/21/2020.
Publish: ED Mountain Views News Dates Pub: FEB. 01, 08, 15, 22, 2020
FICTITIOUS BUSINESS NAME STATEMENT File No. 2020-000777
The following person(s) is (are) doing business as: FIRST CLASS INSTALLERS, 15535 E 22ND ST, LOS ANGELES, CA 90011. Full name of registrant(s) is (are) FRANCISCO JAVIER VALENCIA JIMENEZ, 1553 E 22ND ST, LOS ANGELES, CA 90011. This Business is conducted by: A MARRIED COUPLE. Signed: MARISELA VALENCIA. This statement was filed with the County Clerk of Los Angeles County on 01/02/2020.
Publish: ED Mountain Views News Dates Pub: FEB. 01, 08, 15, 22, 2020
FICTITIOUS BUSINESS NAME STATEMENT File No. 2020-014487
The following person(s) is (are) doing business as: GUADALAJARA SIDE MARKET, 4213 EAST CENTURY BLVD, LYNWOOD, CA 90262. Full name of registrant(s) is (are) ELIZABETH ORTEGA LUNA, 4213 EAST CENTURY BLVD, LYNWOOD, CA 90262. This Business is conducted by: AN INDIVIDUAL. Signed: ELIZABETH ORTEGA LUNA. This statement was filed with the County Clerk of Los Angeles County on 01/21/2020.
Publish: ED Mountain Views News Dates Pub: FEB. 01, 08, 15, 22, 2020
FICTITIOUS BUSINESS NAME STATEMENT File No. 2020-014408
The following person(s) is (are) doing business as: JULIO'S TRANSPORT, 935 S WESTLAKE AVE APT #25, LOS ANGELES, CA 90057. Full name of registrant(s) is (are) JULIO CESAR PREZA, 935 S WESTLAKE AVE APT #25, LOS ANGELES, CA 90057. This Business is conducted by: AN INDIVIDUAL. Signed: JULIO CESAR PREZA. This statement was filed with the County Clerk of Los Angeles County on 01/17/2020.
Publish: ED Mountain Views News Dates Pub: FEB. 01, 08, 15, 22, 2020
FICTITIOUS BUSINESS NAME STATEMENT File No. 2020-016073
The following person(s) is (are) doing business as: MAG SECURITY SERVICES, 5256 WEST CENTURY BLVD #3, LOS ANGELES, CA 90045. Full name of registrant(s) is (are) ULTIMATE SECURITY GROUP, INC, 5256 WEST CENTURY BLVD #3, LOS ANGELES, CA 90045. This Business is conducted by: A CORPORATION. Signed: GEORGIOS MARGARITIS. This statement was filed with the County Clerk of Los Angeles County on 01/14/2020.
Publish: ED Mountain Views News Dates Pub: FEB. 01, 08, 15, 22, 2020
FICTITIOUS BUSINESS NAME STATEMENT File No. 2020-018306
The following person(s) is (are) doing business as: MAN&MAN&MAN CO, 5460 WILSHIRE BLVD STE 700, LOS ANGELES, CA 90036. Full name of registrant(s) is (are) KESHAVAN RAYAN SPENCER, 5460 WILSHIRE BLVD STE 700, LOS ANGELES, CA 90036. This Business is conducted by: AN INDIVIDUAL. Signed: KESHAVAN RAYAN SPENCER. This statement was filed with the County Clerk of Los Angeles County on 01/17/2020.
Publish: ED Mountain Views News Dates Pub: FEB. 01, 08, 15, 22, 2020
FICTITIOUS BUSINESS NAME STATEMENT File No. 2020-016311
The following person(s) is (are) doing business as: CAL'S POWER PLUMBING AND ROOTER, 10610 SHAHAN AVE, WHITTIER, CA 90604. Full name of registrant(s) is (are) JAVIER HERNANDEZ ALCARAZ, 10610 SHAHAN AVE, WHITTIER, CA 90604. This Business is conducted by: AN INDIVIDUAL. Signed: JAVIER HERNANDEZ ALCARAZ. This statement was filed with the County Clerk of Los Angeles County on 01/21/2020.
Publish: ED Mountain Views News Dates Pub: FEB. 01, 08, 15, 22, 2020
FICTITIOUS BUSINESS NAME STATEMENT File No. 2020-014890
The following person(s) is (are) doing business as: TACOS CUITLACOCHE, 3039 FLORENCE AVE SOUTH GATE, CA 90280. Full name of registrant(s) is (are) CANDIE LOPEZ, 4646 FLORENCE AVE SOUTH GATE, CA 90280. This Business is conducted by: AN INDIVIDUAL. Signed: CANDIE LOPEZ. This statement was filed with the County Clerk of Los Angeles County on 01/21/2020.
Publish: ED Mountain Views News Dates Pub: FEB. 01, 08, 15, 22, 2020
FICTITIOUS BUSINESS NAME STATEMENT File No. 2020-013750
The following person(s) is (are) doing business as: TUTTI FRUTTI OF EAST LA, 4791 EAST CESAR CHAVEZ UNIT B, LOS ANGELES, CA 90022. Full name of registrant(s) is (are) ROSS BONNETT, 4791 EAST CESAR CHAVEZ UNIT B, LOS ANGELES, CA 90022. This Business is conducted by: A CORPORATION. Signed: ROSS BONNETT.
Publish: ED Mountain Views News Dates Pub: FEB. 01, 08, 15, 22, 2020
Mountain Views News
80 W Sierra Madre Blvd. No. 327 Sierra Madre, Ca. 91024
Office: 626.355.2737
Fax: 626.609.3285
Email: editor@mtnviewsnews.com
Website: www.mtnviewsnews.com
